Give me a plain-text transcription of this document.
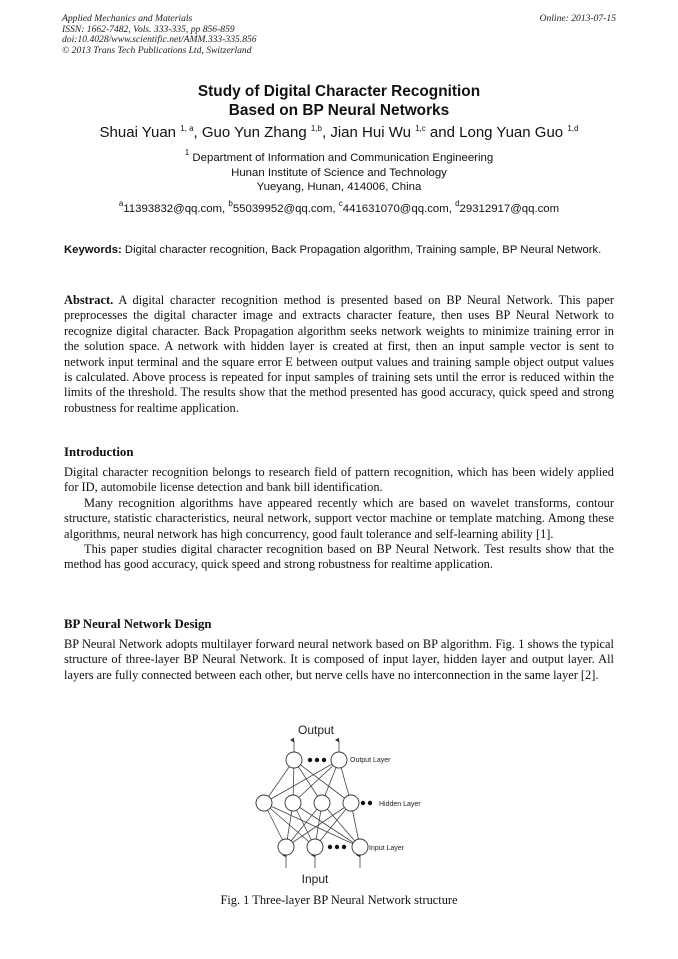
Applied Mechanics and Materials
ISSN: 1662-7482, Vols. 333-335, pp 856-859
doi:10.4028/www.scientific.net/AMM.333-335.856
© 2013 Trans Tech Publications Ltd, Switzerland
Online: 2013-07-15
Study of Digital Character Recognition
Based on BP Neural Networks
Shuai Yuan $^{1, a}$, Guo Yun Zhang $^{1,b}$, Jian Hui Wu $^{1,c}$ and Long Yuan Guo $^{1,d}$
$^1$ Department of Information and Communication Engineering
Hunan Institute of Science and Technology
Yueyang, Hunan, 414006, China
$^a$11393832@qq.com, $^b$55039952@qq.com, $^c$441631070@qq.com, $^d$29312917@qq.com
Keywords: Digital character recognition, Back Propagation algorithm, Training sample, BP Neural Network.
Abstract. A digital character recognition method is presented based on BP Neural Network. This paper preprocesses the digital character image and extracts character feature, then uses BP Neural Network to recognize digital character. Back Propagation algorithm seeks network weights to minimize training error in the solution space. A network with hidden layer is created at first, then an input sample vector is sent to network input terminal and the square error E between output values and training sample object output values is calculated. Above process is repeated for input samples of training sets until the error is reduced within the limits of the threshold. The results show that the method presented has good accuracy, quick speed and strong robustness for realtime application.
Introduction

Digital character recognition belongs to research field of pattern recognition, which has been widely applied for ID, automobile license detection and bank bill identification.

Many recognition algorithms have appeared recently which are based on wavelet transforms, contour structure, statistic characteristics, neural network, support vector machine or template matching. Among these algorithms, neural network has high concurrency, good fault tolerance and self-learning ability [1].

This paper studies digital character recognition based on BP Neural Network. Test results show that the method has good accuracy, quick speed and strong robustness for realtime application.

BP Neural Network Design

BP Neural Network adopts multilayer forward neural network based on BP algorithm. Fig. 1 shows the typical structure of three-layer BP Neural Network. It is composed of input layer, hidden layer and output layer. All layers are fully connected between each other, but nerve cells have no interconnection in the same layer [2].

Output
Input
Output Layer
Hidden Layer
Input Layer
Fig. 1 Three-layer BP Neural Network structure
